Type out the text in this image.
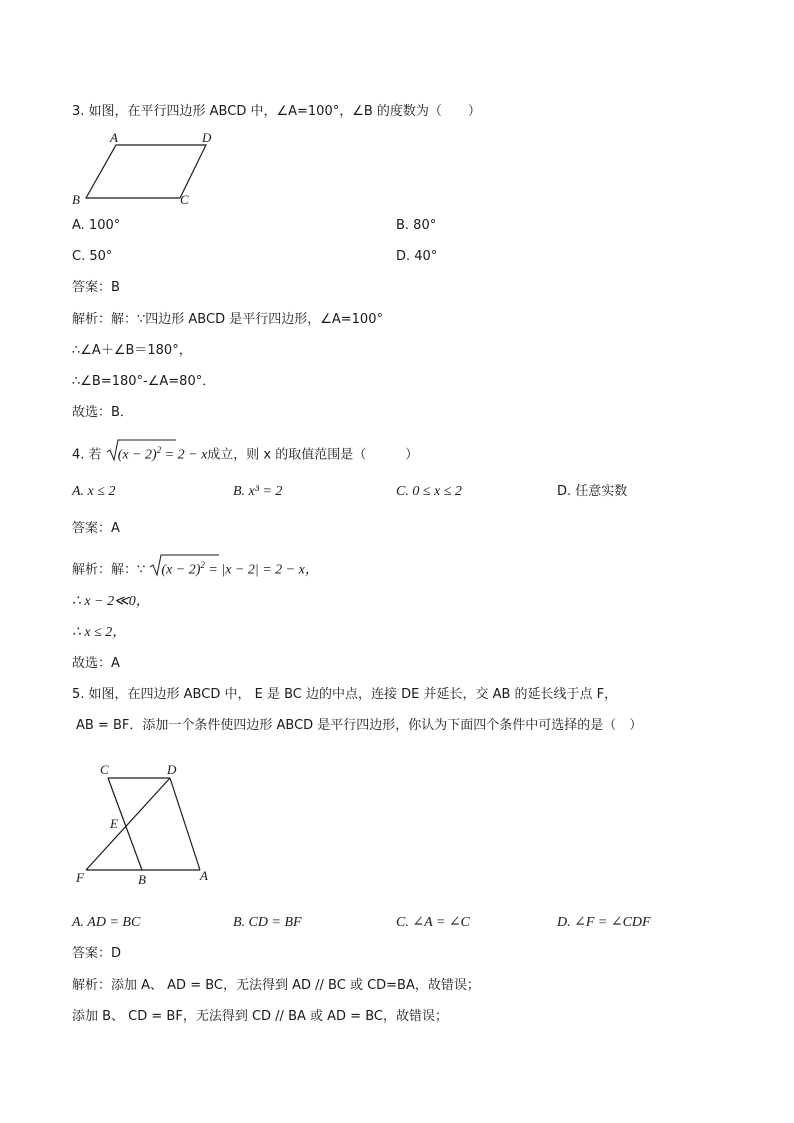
3. 如图，在平行四边形 ABCD 中，∠A=100°，∠B 的度数为（　　）
A	D
B	C
A. 100°	B. 80°
C. 50°	D. 40°
答案：B
解析：解：∵四边形 ABCD 是平行四边形，∠A=100°
∴∠A＋∠B＝180°，
∴∠B=180°-∠A=80°．
故选：B．
4. 若 $(x - 2)^2 = 2 - x$成立，则 x 的取值范围是（　　　）
A. x ≤ 2	B. x³ = 2	C. 0 ≤ x ≤ 2	D. 任意实数
答案：A
解析：解：∵ $(x - 2)^2 = |x - 2| = 2 - x$，
∴ x − 2≪0，
∴ x ≤ 2，
故选：A
5. 如图，在四边形 ABCD 中， E 是 BC 边的中点，连接 DE 并延长，交 AB 的延长线于点 F，
AB = BF．添加一个条件使四边形 ABCD 是平行四边形，你认为下面四个条件中可选择的是（　）
C	D
E
F	B	A
A. AD = BC	B. CD = BF	C. ∠A = ∠C	D. ∠F = ∠CDF
答案：D
解析：添加 A、 AD = BC，无法得到 AD // BC 或 CD=BA，故错误；
添加 B、 CD = BF，无法得到 CD // BA 或 AD = BC，故错误；
